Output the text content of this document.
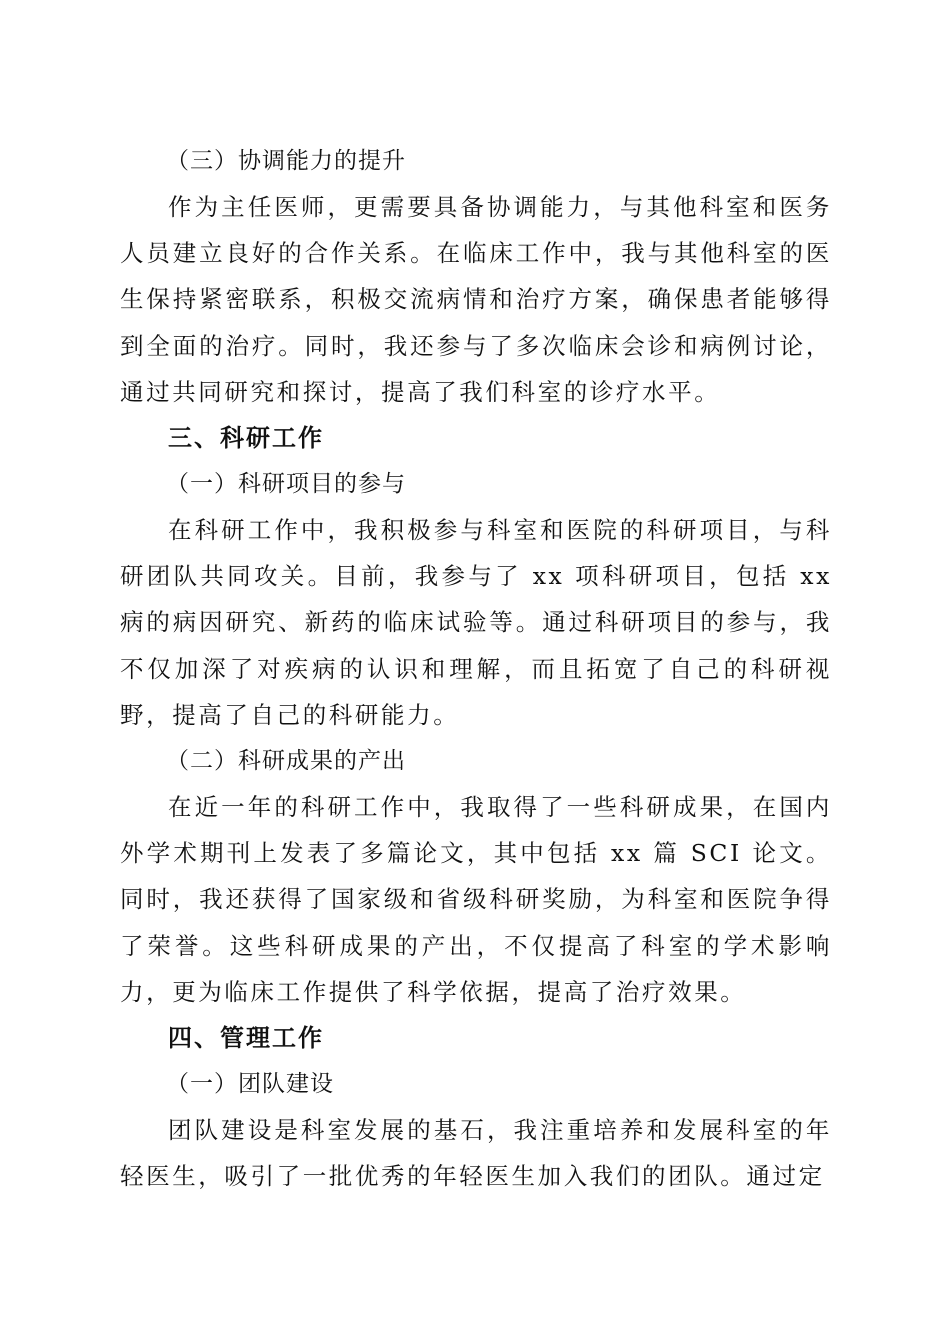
（三）协调能力的提升

作为主任医师，更需要具备协调能力，与其他科室和医务人员建立良好的合作关系。在临床工作中，我与其他科室的医生保持紧密联系，积极交流病情和治疗方案，确保患者能够得到全面的治疗。同时，我还参与了多次临床会诊和病例讨论，通过共同研究和探讨，提高了我们科室的诊疗水平。

三、科研工作
（一）科研项目的参与

在科研工作中，我积极参与科室和医院的科研项目，与科研团队共同攻关。目前，我参与了 xx 项科研项目，包括 xx 病的病因研究、新药的临床试验等。通过科研项目的参与，我不仅加深了对疾病的认识和理解，而且拓宽了自己的科研视野，提高了自己的科研能力。

（二）科研成果的产出

在近一年的科研工作中，我取得了一些科研成果，在国内外学术期刊上发表了多篇论文，其中包括 xx 篇 SCI 论文。同时，我还获得了国家级和省级科研奖励，为科室和医院争得了荣誉。这些科研成果的产出，不仅提高了科室的学术影响力，更为临床工作提供了科学依据，提高了治疗效果。

四、管理工作
（一）团队建设

团队建设是科室发展的基石，我注重培养和发展科室的年轻医生，吸引了一批优秀的年轻医生加入我们的团队。通过定
